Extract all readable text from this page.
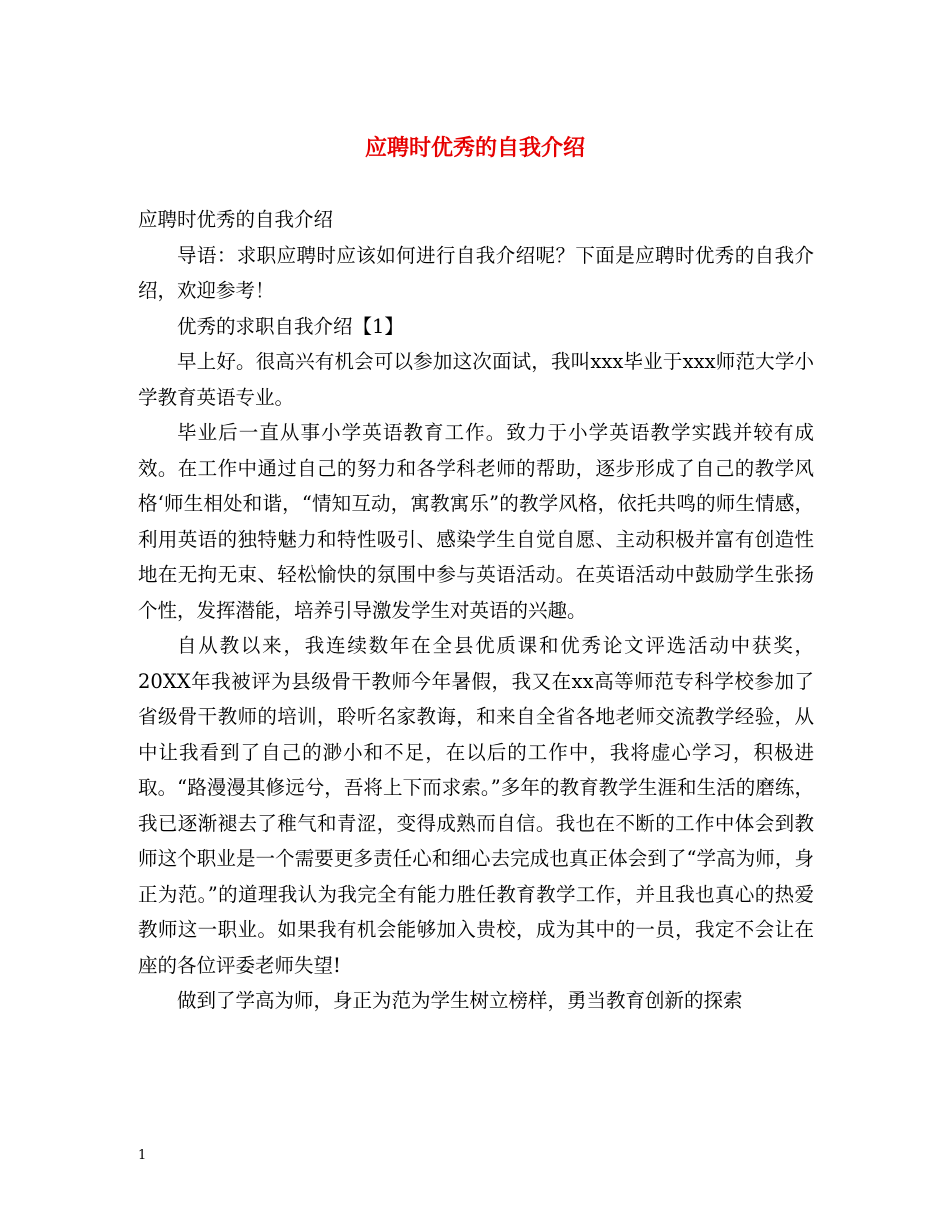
应聘时优秀的自我介绍

应聘时优秀的自我介绍

导语：求职应聘时应该如何进行自我介绍呢？下面是应聘时优秀的自我介绍，欢迎参考！

优秀的求职自我介绍【1】

早上好。很高兴有机会可以参加这次面试，我叫xxx毕业于xxx师范大学小学教育英语专业。

毕业后一直从事小学英语教育工作。致力于小学英语教学实践并较有成效。在工作中通过自己的努力和各学科老师的帮助，逐步形成了自己的教学风格‘师生相处和谐，“情知互动，寓教寓乐”的教学风格，依托共鸣的师生情感，利用英语的独特魅力和特性吸引、感染学生自觉自愿、主动积极并富有创造性地在无拘无束、轻松愉快的氛围中参与英语活动。在英语活动中鼓励学生张扬个性，发挥潜能，培养引导激发学生对英语的兴趣。

自从教以来，我连续数年在全县优质课和优秀论文评选活动中获奖，20XX年我被评为县级骨干教师今年暑假，我又在xx高等师范专科学校参加了省级骨干教师的培训，聆听名家教诲，和来自全省各地老师交流教学经验，从中让我看到了自己的渺小和不足，在以后的工作中，我将虚心学习，积极进取。“路漫漫其修远兮，吾将上下而求索。”多年的教育教学生涯和生活的磨练，我已逐渐褪去了稚气和青涩，变得成熟而自信。我也在不断的工作中体会到教师这个职业是一个需要更多责任心和细心去完成也真正体会到了“学高为师，身正为范。”的道理我认为我完全有能力胜任教育教学工作，并且我也真心的热爱教师这一职业。如果我有机会能够加入贵校，成为其中的一员，我定不会让在座的各位评委老师失望!

做到了学高为师，身正为范为学生树立榜样，勇当教育创新的探索

1
